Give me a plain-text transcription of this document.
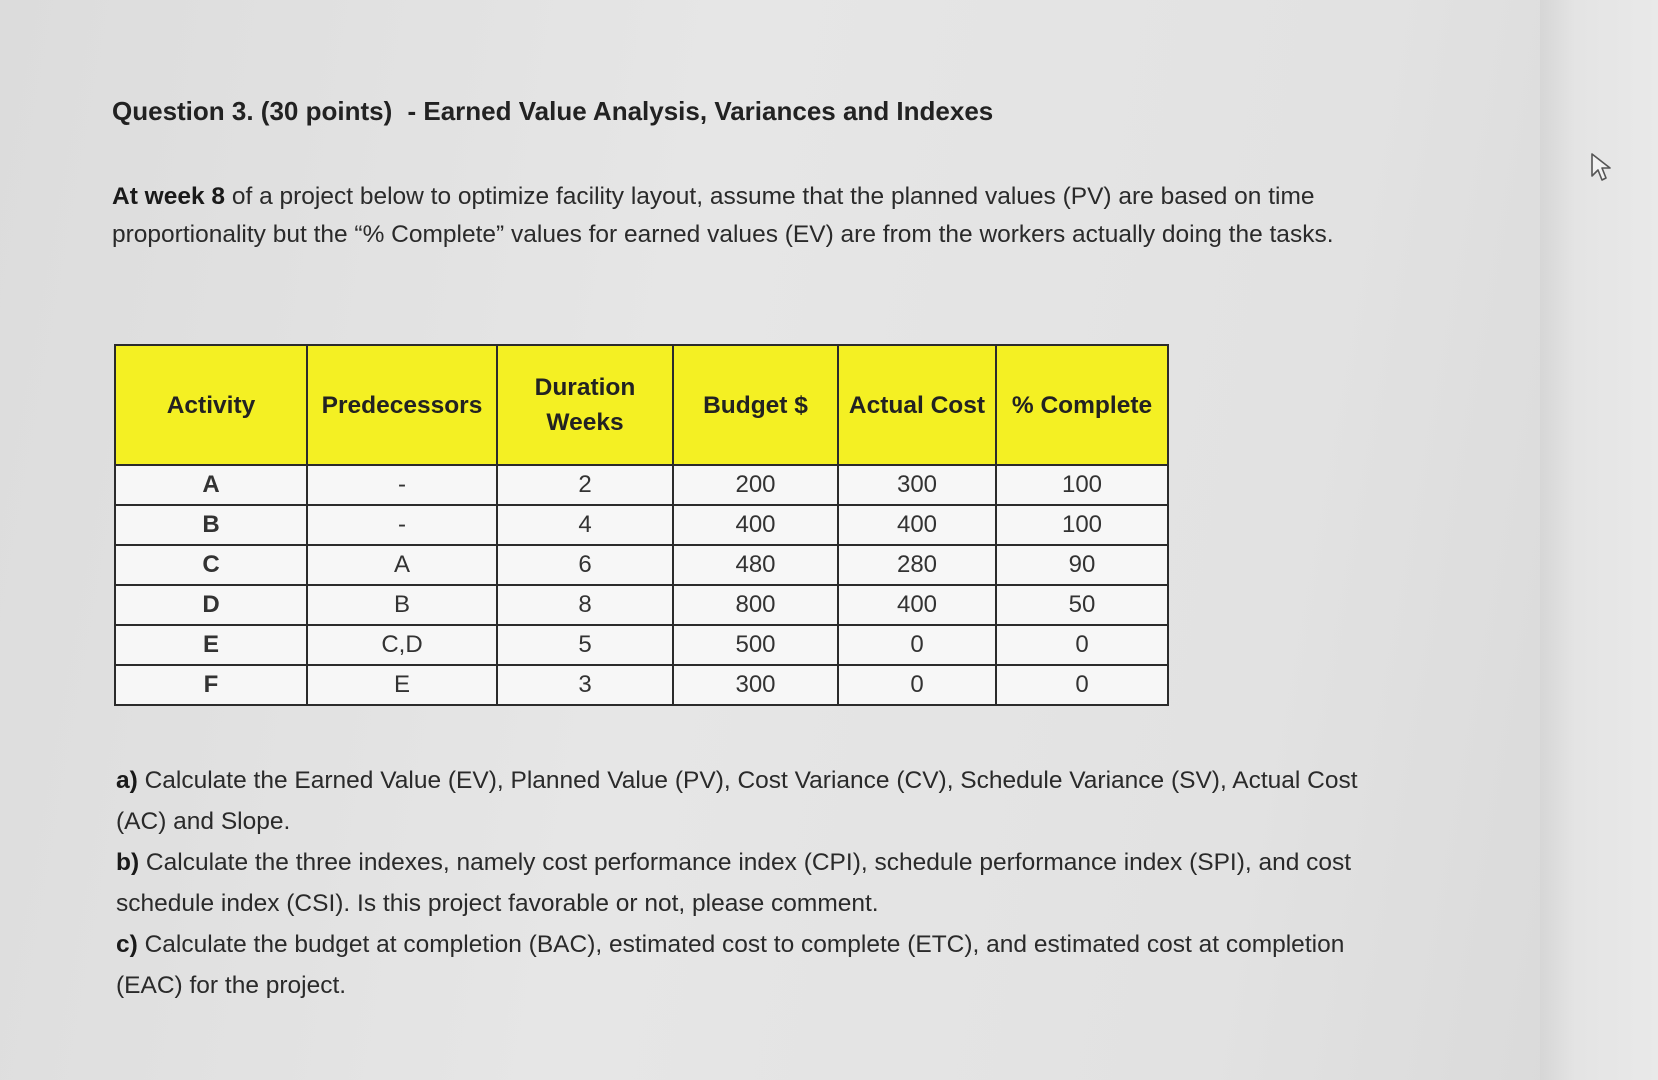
Question 3. (30 points) - Earned Value Analysis, Variances and Indexes
At week 8 of a project below to optimize facility layout, assume that the planned values (PV) are based on time proportionality but the “% Complete” values for earned values (EV) are from the workers actually doing the tasks.
Activity	Predecessors	Duration Weeks	Budget $	Actual Cost	% Complete
A	-	2	200	300	100
B	-	4	400	400	100
C	A	6	480	280	90
D	B	8	800	400	50
E	C,D	5	500	0	0
F	E	3	300	0	0

a) Calculate the Earned Value (EV), Planned Value (PV), Cost Variance (CV), Schedule Variance (SV), Actual Cost (AC) and Slope.

b) Calculate the three indexes, namely cost performance index (CPI), schedule performance index (SPI), and cost schedule index (CSI). Is this project favorable or not, please comment.

c) Calculate the budget at completion (BAC), estimated cost to complete (ETC), and estimated cost at completion (EAC) for the project.
